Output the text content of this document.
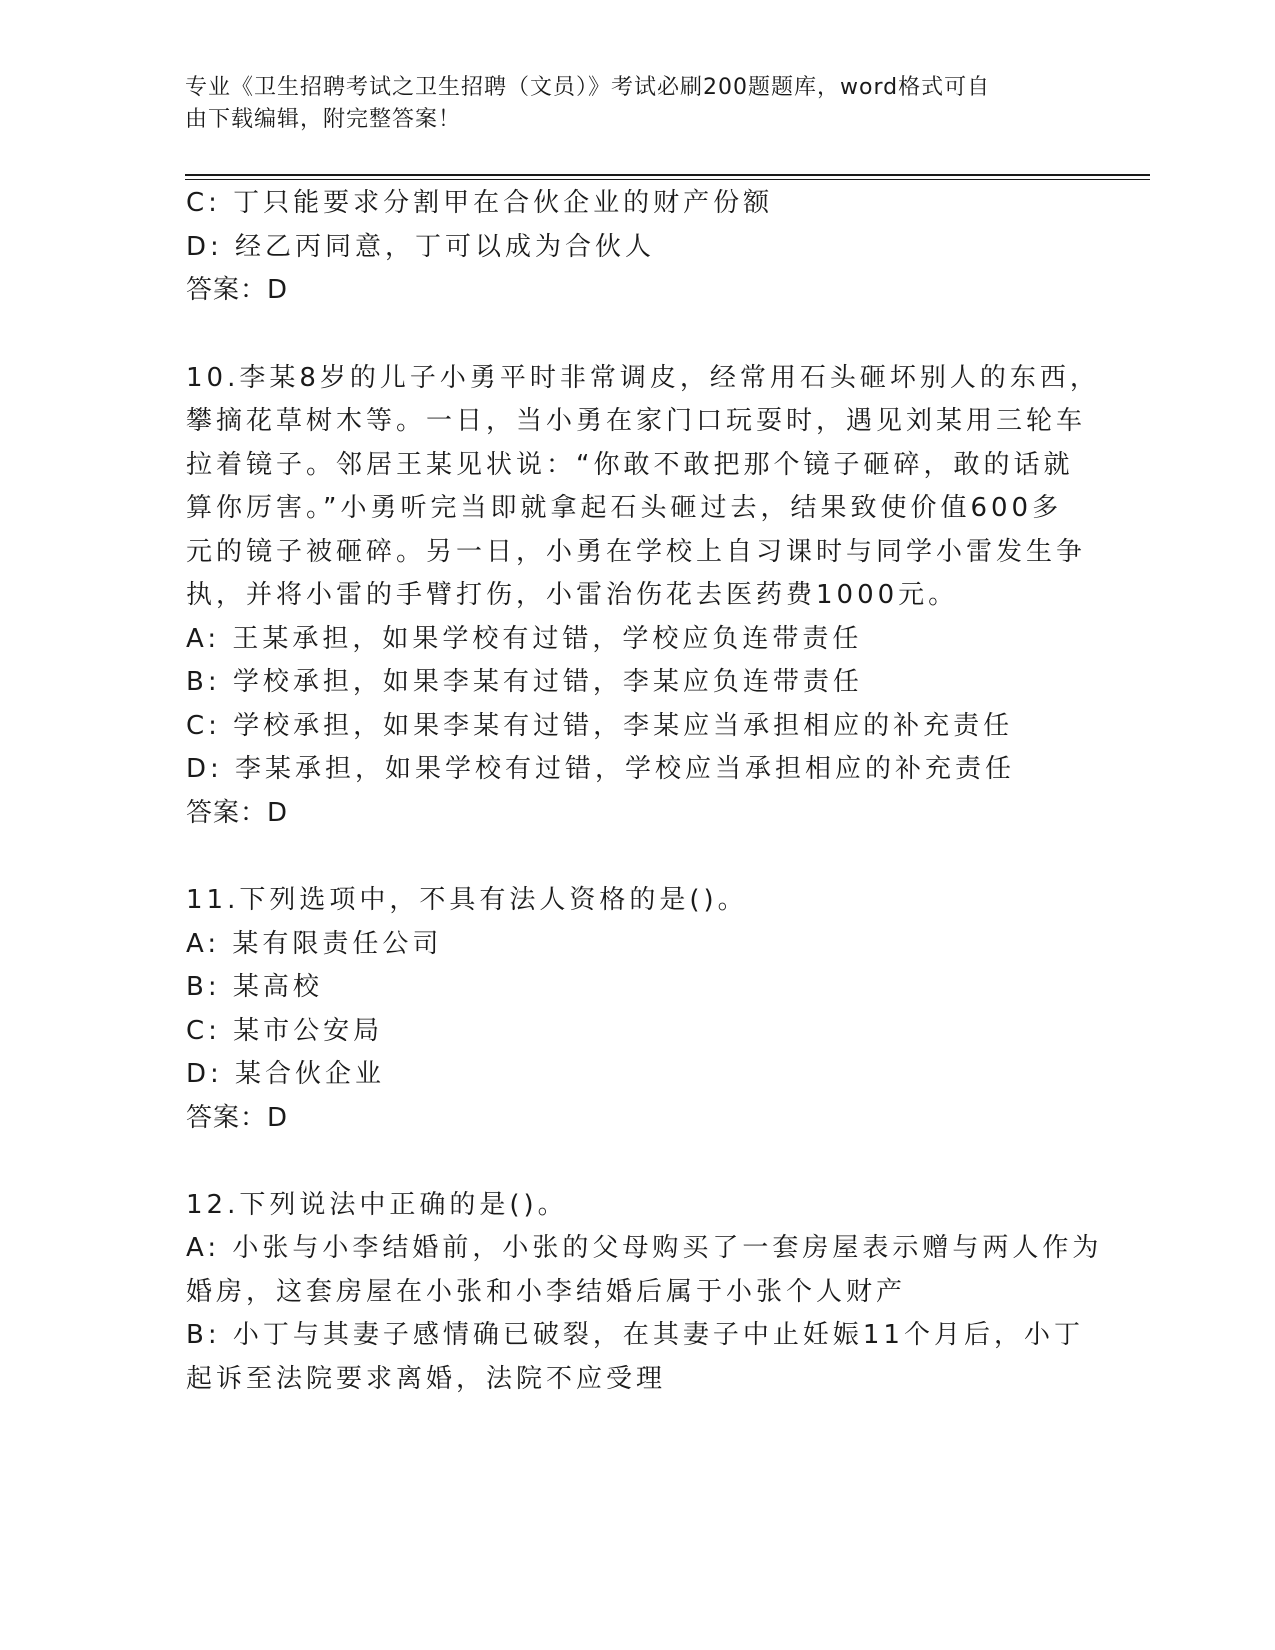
专业《卫生招聘考试之卫生招聘（文员）》考试必刷200题题库，word格式可自
由下载编辑，附完整答案！
C: 丁只能要求分割甲在合伙企业的财产份额
D: 经乙丙同意，丁可以成为合伙人
答案：D
10.李某8岁的儿子小勇平时非常调皮，经常用石头砸坏别人的东西，
攀摘花草树木等。一日，当小勇在家门口玩耍时，遇见刘某用三轮车
拉着镜子。邻居王某见状说：“你敢不敢把那个镜子砸碎，敢的话就
算你厉害。”小勇听完当即就拿起石头砸过去，结果致使价值600多
元的镜子被砸碎。另一日，小勇在学校上自习课时与同学小雷发生争
执，并将小雷的手臂打伤，小雷治伤花去医药费1000元。
A: 王某承担，如果学校有过错，学校应负连带责任
B: 学校承担，如果李某有过错，李某应负连带责任
C: 学校承担，如果李某有过错，李某应当承担相应的补充责任
D: 李某承担，如果学校有过错，学校应当承担相应的补充责任
答案：D
11.下列选项中，不具有法人资格的是()。
A: 某有限责任公司
B: 某高校
C: 某市公安局
D: 某合伙企业
答案：D
12.下列说法中正确的是()。
A: 小张与小李结婚前，小张的父母购买了一套房屋表示赠与两人作为
婚房，这套房屋在小张和小李结婚后属于小张个人财产
B: 小丁与其妻子感情确已破裂，在其妻子中止妊娠11个月后，小丁
起诉至法院要求离婚，法院不应受理
